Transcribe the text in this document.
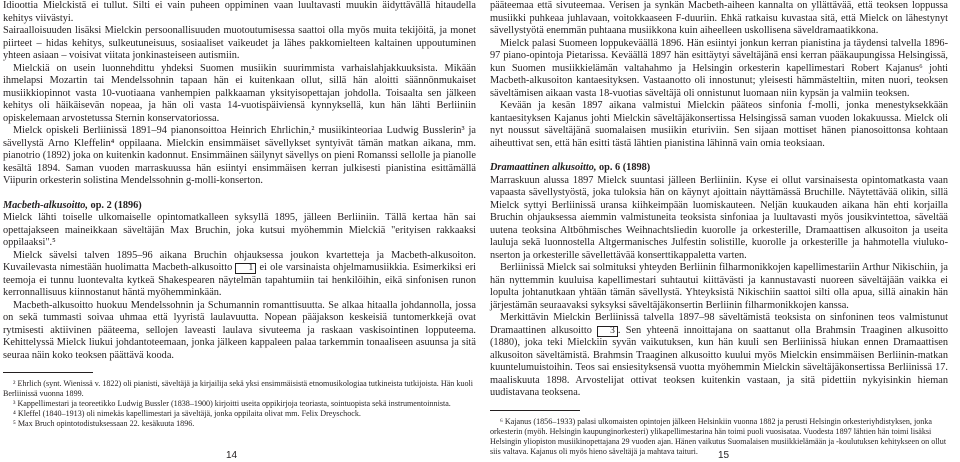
Idioottia Mielckistä ei tullut. Silti ei vain puheen oppiminen vaan luultavasti muukin äidyttävällä hitaudella kehitys viivästyi.

Sairaalloisuuden lisäksi Mielckin persoonallisuuden muotoutumisessa saattoi olla myös muita tekijöitä, ja monet piirteet – hidas kehitys, sulkeutuneisuus, sosiaaliset vaikeudet ja lähes pakkomielteen kaltainen uppoutuminen yhteen asiaan – voisivat viitata jonkinasteiseen autismiin.

Mielckiä on usein luonnehdittu yhdeksi Suomen musiikin suurimmista varhaislahjakkuuksista. Mikään ihmelapsi Mozartin tai Mendelssohnin tapaan hän ei kuitenkaan ollut, sillä hän aloitti säännönmukaiset musiikkiopinnot vasta 10-vuotiaana vanhempien palkkaaman yksityisopettajan johdolla. Toisaalta sen jälkeen kehitys oli häikäisevän nopeaa, ja hän oli vasta 14-vuotispäiviensä kynnyksellä, kun hän lähti Berliiniin opiskelemaan arvostetussa Sternin konservatoriossa.

Mielck opiskeli Berliinissä 1891–94 pianonsoittoa Heinrich Ehrlichin,² musiikinteoriaa Ludwig Busslerin³ ja sävellystä Arno Kleffelin⁴ oppilaana. Mielckin ensimmäiset sävellykset syntyivät tämän matkan aikana, mm. pianotrio (1892) joka on kuitenkin kadonnut. Ensimmäinen säilynyt sävellys on pieni Romanssi sellolle ja pianolle kesältä 1894. Saman vuoden marraskuussa hän esiintyi ensimmäisen kerran julkisesti pianistina esittämällä Viipurin orkesterin solistina Mendelssohnin g-molli-konserton.

Macbeth-alkusoitto, op. 2 (1896)

Mielck lähti toiselle ulkomaiselle opintomatkalleen syksyllä 1895, jälleen Berliiniin. Tällä kertaa hän sai opettajakseen maineikkaan säveltäjän Max Bruchin, joka kutsui myöhemmin Mielckiä "erityisen rakkaaksi oppilaaksi".⁵

Mielck sävelsi talven 1895–96 aikana Bruchin ohjauksessa joukon kvartetteja ja Macbeth-alkusoiton. Kuvailevasta nimestään huolimatta Macbeth-alkusoitto 1 ei ole varsinaista ohjelmamusiikkia. Esimerkiksi eri teemoja ei tunnu luontevalta kytkeä Shakespearen näytelmän tapahtumiin tai henkilöihin, eikä sinfonisen runon kerronnallisuus kiinnostanut häntä myöhemminkään.

Macbeth-alkusoitto huokuu Mendelssohnin ja Schumannin romanttisuutta. Se alkaa hitaalla johdannolla, jossa on sekä tummasti soivaa uhmaa että lyyristä laulavuutta. Nopean pääjakson keskeisiä tuntomerkkejä ovat rytmisesti aktiivinen pääteema, sellojen laveasti laulava sivuteema ja raskaan vaskisointinen lopputeema. Kehittelyssä Mielck liukui johdantoteemaan, jonka jälkeen kappaleen palaa tarkemmin tonaaliseen asuunsa ja sitä seuraa näin koko teoksen päättävä kooda.

² Ehrlich (synt. Wienissä v. 1822) oli pianisti, säveltäjä ja kirjailija sekä yksi ensimmäisistä etnomusikologiaa tutkineista tutkijoista. Hän kuoli Berliinissä vuonna 1899.

³ Kappellimestari ja teoreetikko Ludwig Bussler (1838–1900) kirjoitti useita oppikirjoja teoriasta, sointuopista sekä instrumentoinnista.

⁴ Kleffel (1840–1913) oli nimekäs kapellimestari ja säveltäjä, jonka oppilaita olivat mm. Felix Dreyschock.

⁵ Max Bruch opintotodistuksessaan 22. kesäkuuta 1896.

14

pääteemaa että sivuteemaa. Verisen ja synkän Macbeth-aiheen kannalta on yllättävää, että teoksen loppussa musiikki puhkeaa juhlavaan, voitokkaaseen F-duuriin. Ehkä ratkaisu kuvastaa sitä, että Mielck on lähestynyt sävellystyötä enemmän puhtaana musiikkona kuin aiheelleen uskollisena säveldramaatikkona.

Mielck palasi Suomeen loppukeväällä 1896. Hän esiintyi jonkun kerran pianistina ja täydensi talvella 1896-97 piano-opintoja Pietarissa. Keväällä 1897 hän esittäytyi säveltäjänä ensi kerran pääkaupungissa Helsingissä, kun Suomen musiikkielämän valtahahmo ja Helsingin orkesterin kapellimestari Robert Kajanus⁶ johti Macbeth-alkusoiton kantaesityksen. Vastaanotto oli innostunut; yleisesti hämmästeltiin, miten nuori, teoksen säveltämisen aikaan vasta 18-vuotias säveltäjä oli onnistunut luomaan niin kypsän ja valmiin teoksen.

Kevään ja kesän 1897 aikana valmistui Mielckin pääteos sinfonia f-molli, jonka menestyksekkään kantaesityksen Kajanus johti Mielckin säveltäjäkonsertissa Helsingissä saman vuoden lokakuussa. Mielck oli nyt noussut säveltäjänä suomalaisen musiikin eturiviin. Sen sijaan mottiset hänen pianosoittonsa kohtaan aiheuttivat sen, että hän esitti tästä lähtien pianistina lähinnä vain omia teoksiaan.

Dramaattinen alkusoitto, op. 6 (1898)

Marraskuun alussa 1897 Mielck suuntasi jälleen Berliiniin. Kyse ei ollut varsinaisesta opintomatkasta vaan vapaasta sävellystyöstä, joka tuloksia hän on käynyt ajoittain näyttämässä Bruchille. Näytettävää olikin, sillä Mielck syttyi Berliinissä uransa kiihkeimpään luomiskauteen. Neljän kuukauden aikana hän ehti korjailla Bruchin ohjauksessa aiemmin valmistuneita teoksista sinfoniaa ja luultavasti myös jousikvintettoa, säveltää uutena teoksina Altböhmisches Weihnachtsliedin kuorolle ja orkesterille, Dramaattisen alkusoiton ja useita lauluja sekä luonnostella Altgermanisches Julfestin solistille, kuorolle ja orkesterille ja hahmotella viulukonserton ja orkesterille sävellettävää konserttikappaletta varten.

Berliinissä Mielck sai solmituksi yhteyden Berliinin filharmonikkojen kapellimestariin Arthur Nikischiin, ja hän nyttemmin kuuluisa kapellimestari suhtautui kiittävästi ja kannustavasti nuoreen säveltäjään vaikka ei lopulta johtanutkaan yhtään tämän sävellystä. Yhteyksistä Nikischiin saattoi silti olla apua, sillä ainakin hän järjestämän seuraavaksi syksyksi säveltäjäkonsertin Berliinin filharmonikkojen kanssa.

Merkittävin Mielckin Berliinissä talvella 1897–98 säveltämistä teoksista on sinfoninen teos valmistunut Dramaattinen alkusoitto 3 . Sen yhteenä innoittajana on saattanut olla Brahmsin Traaginen alkusoitto (1880), joka teki Mielckiin syvän vaikutuksen, kun hän kuuli sen Berliinissä hiukan ennen Dramaattisen alkusoiton säveltämistä. Brahmsin Traaginen alkusoitto kuului myös Mielckin ensimmäisen Berliinin-matkan kuuntelumuistoihin. Teos sai ensiesityksensä vuotta myöhemmin Mielckin säveltäjäkonsertissa Berliinissä 17. maaliskuuta 1898. Arvostelijat ottivat teoksen kuitenkin vastaan, ja sitä pidettiin nykyisinkin hieman uudistavana teoksena.

⁶ Kajanus (1856–1933) palasi ulkomaisten opintojen jälkeen Helsinkiin vuonna 1882 ja perusti Helsingin orkesteriyhdistyksen, jonka orkesterin (myöh. Helsingin kaupunginorkesteri) ylikapellimestarina hän toimi puoli vuosisataa. Vuodesta 1897 lähtien hän toimi lisäksi Helsingin yliopiston musiikinopettajana 29 vuoden ajan. Hänen vaikutus Suomalaisen musiikkielämään ja -koulutuksen kehitykseen on ollut siis valtava. Kajanus oli myös hieno säveltäjä ja mahtava taituri.	15
